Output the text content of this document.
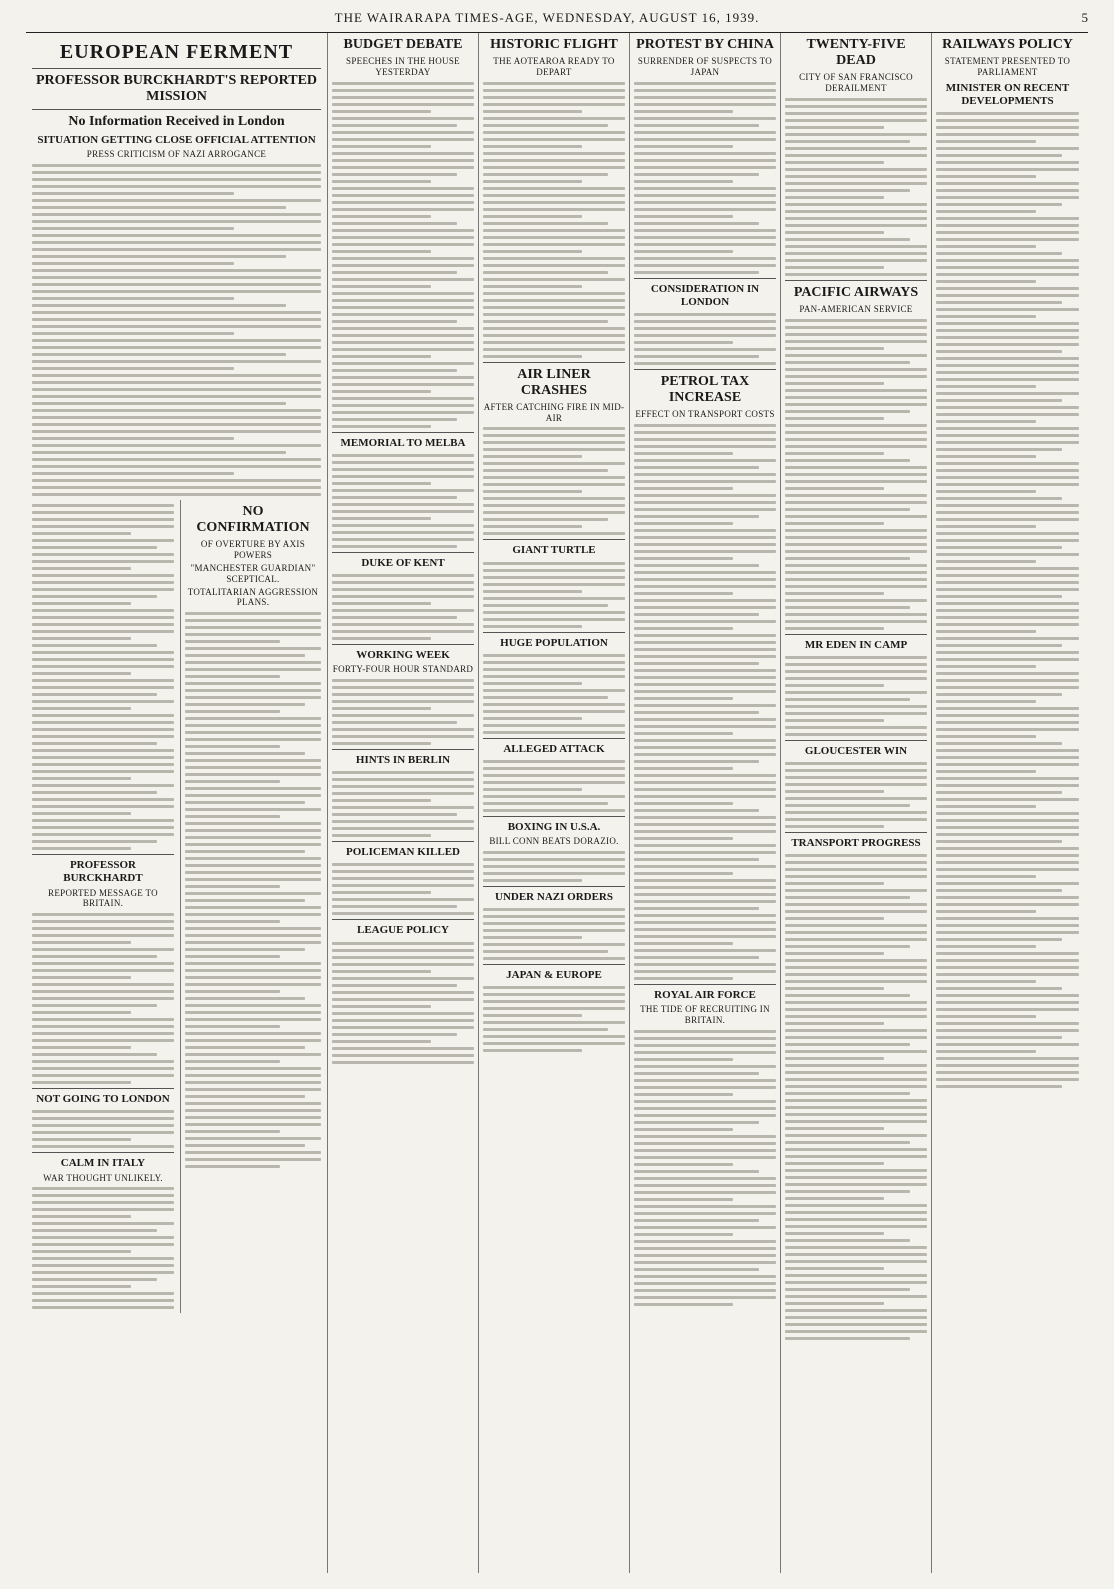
THE WAIRARAPA TIMES-AGE, WEDNESDAY, AUGUST 16, 1939.	5
EUROPEAN FERMENT
PROFESSOR BURCKHARDT'S REPORTED MISSION
No Information Received in London
SITUATION GETTING CLOSE OFFICIAL ATTENTION
PRESS CRITICISM OF NAZI ARROGANCE
PROFESSOR BURCKHARDT
REPORTED MESSAGE TO BRITAIN.
NOT GOING TO LONDON
CALM IN ITALY
WAR THOUGHT UNLIKELY.
NO CONFIRMATION
OF OVERTURE BY AXIS POWERS
"MANCHESTER GUARDIAN" SCEPTICAL.
TOTALITARIAN AGGRESSION PLANS.
BUDGET DEBATE
SPEECHES IN THE HOUSE YESTERDAY
MEMORIAL TO MELBA
DUKE OF KENT
WORKING WEEK
FORTY-FOUR HOUR STANDARD
HINTS IN BERLIN
POLICEMAN KILLED
LEAGUE POLICY
HISTORIC FLIGHT
THE AOTEAROA READY TO DEPART
AIR LINER CRASHES
AFTER CATCHING FIRE IN MID-AIR
GIANT TURTLE
HUGE POPULATION
ALLEGED ATTACK
BOXING IN U.S.A.
BILL CONN BEATS DORAZIO.
UNDER NAZI ORDERS
JAPAN & EUROPE
PROTEST BY CHINA
SURRENDER OF SUSPECTS TO JAPAN
CONSIDERATION IN LONDON
PETROL TAX INCREASE
EFFECT ON TRANSPORT COSTS
ROYAL AIR FORCE
THE TIDE OF RECRUITING IN BRITAIN.
TWENTY-FIVE DEAD
CITY OF SAN FRANCISCO DERAILMENT
PACIFIC AIRWAYS
PAN-AMERICAN SERVICE
MR EDEN IN CAMP
GLOUCESTER WIN
TRANSPORT PROGRESS
RAILWAYS POLICY
STATEMENT PRESENTED TO PARLIAMENT
MINISTER ON RECENT DEVELOPMENTS
